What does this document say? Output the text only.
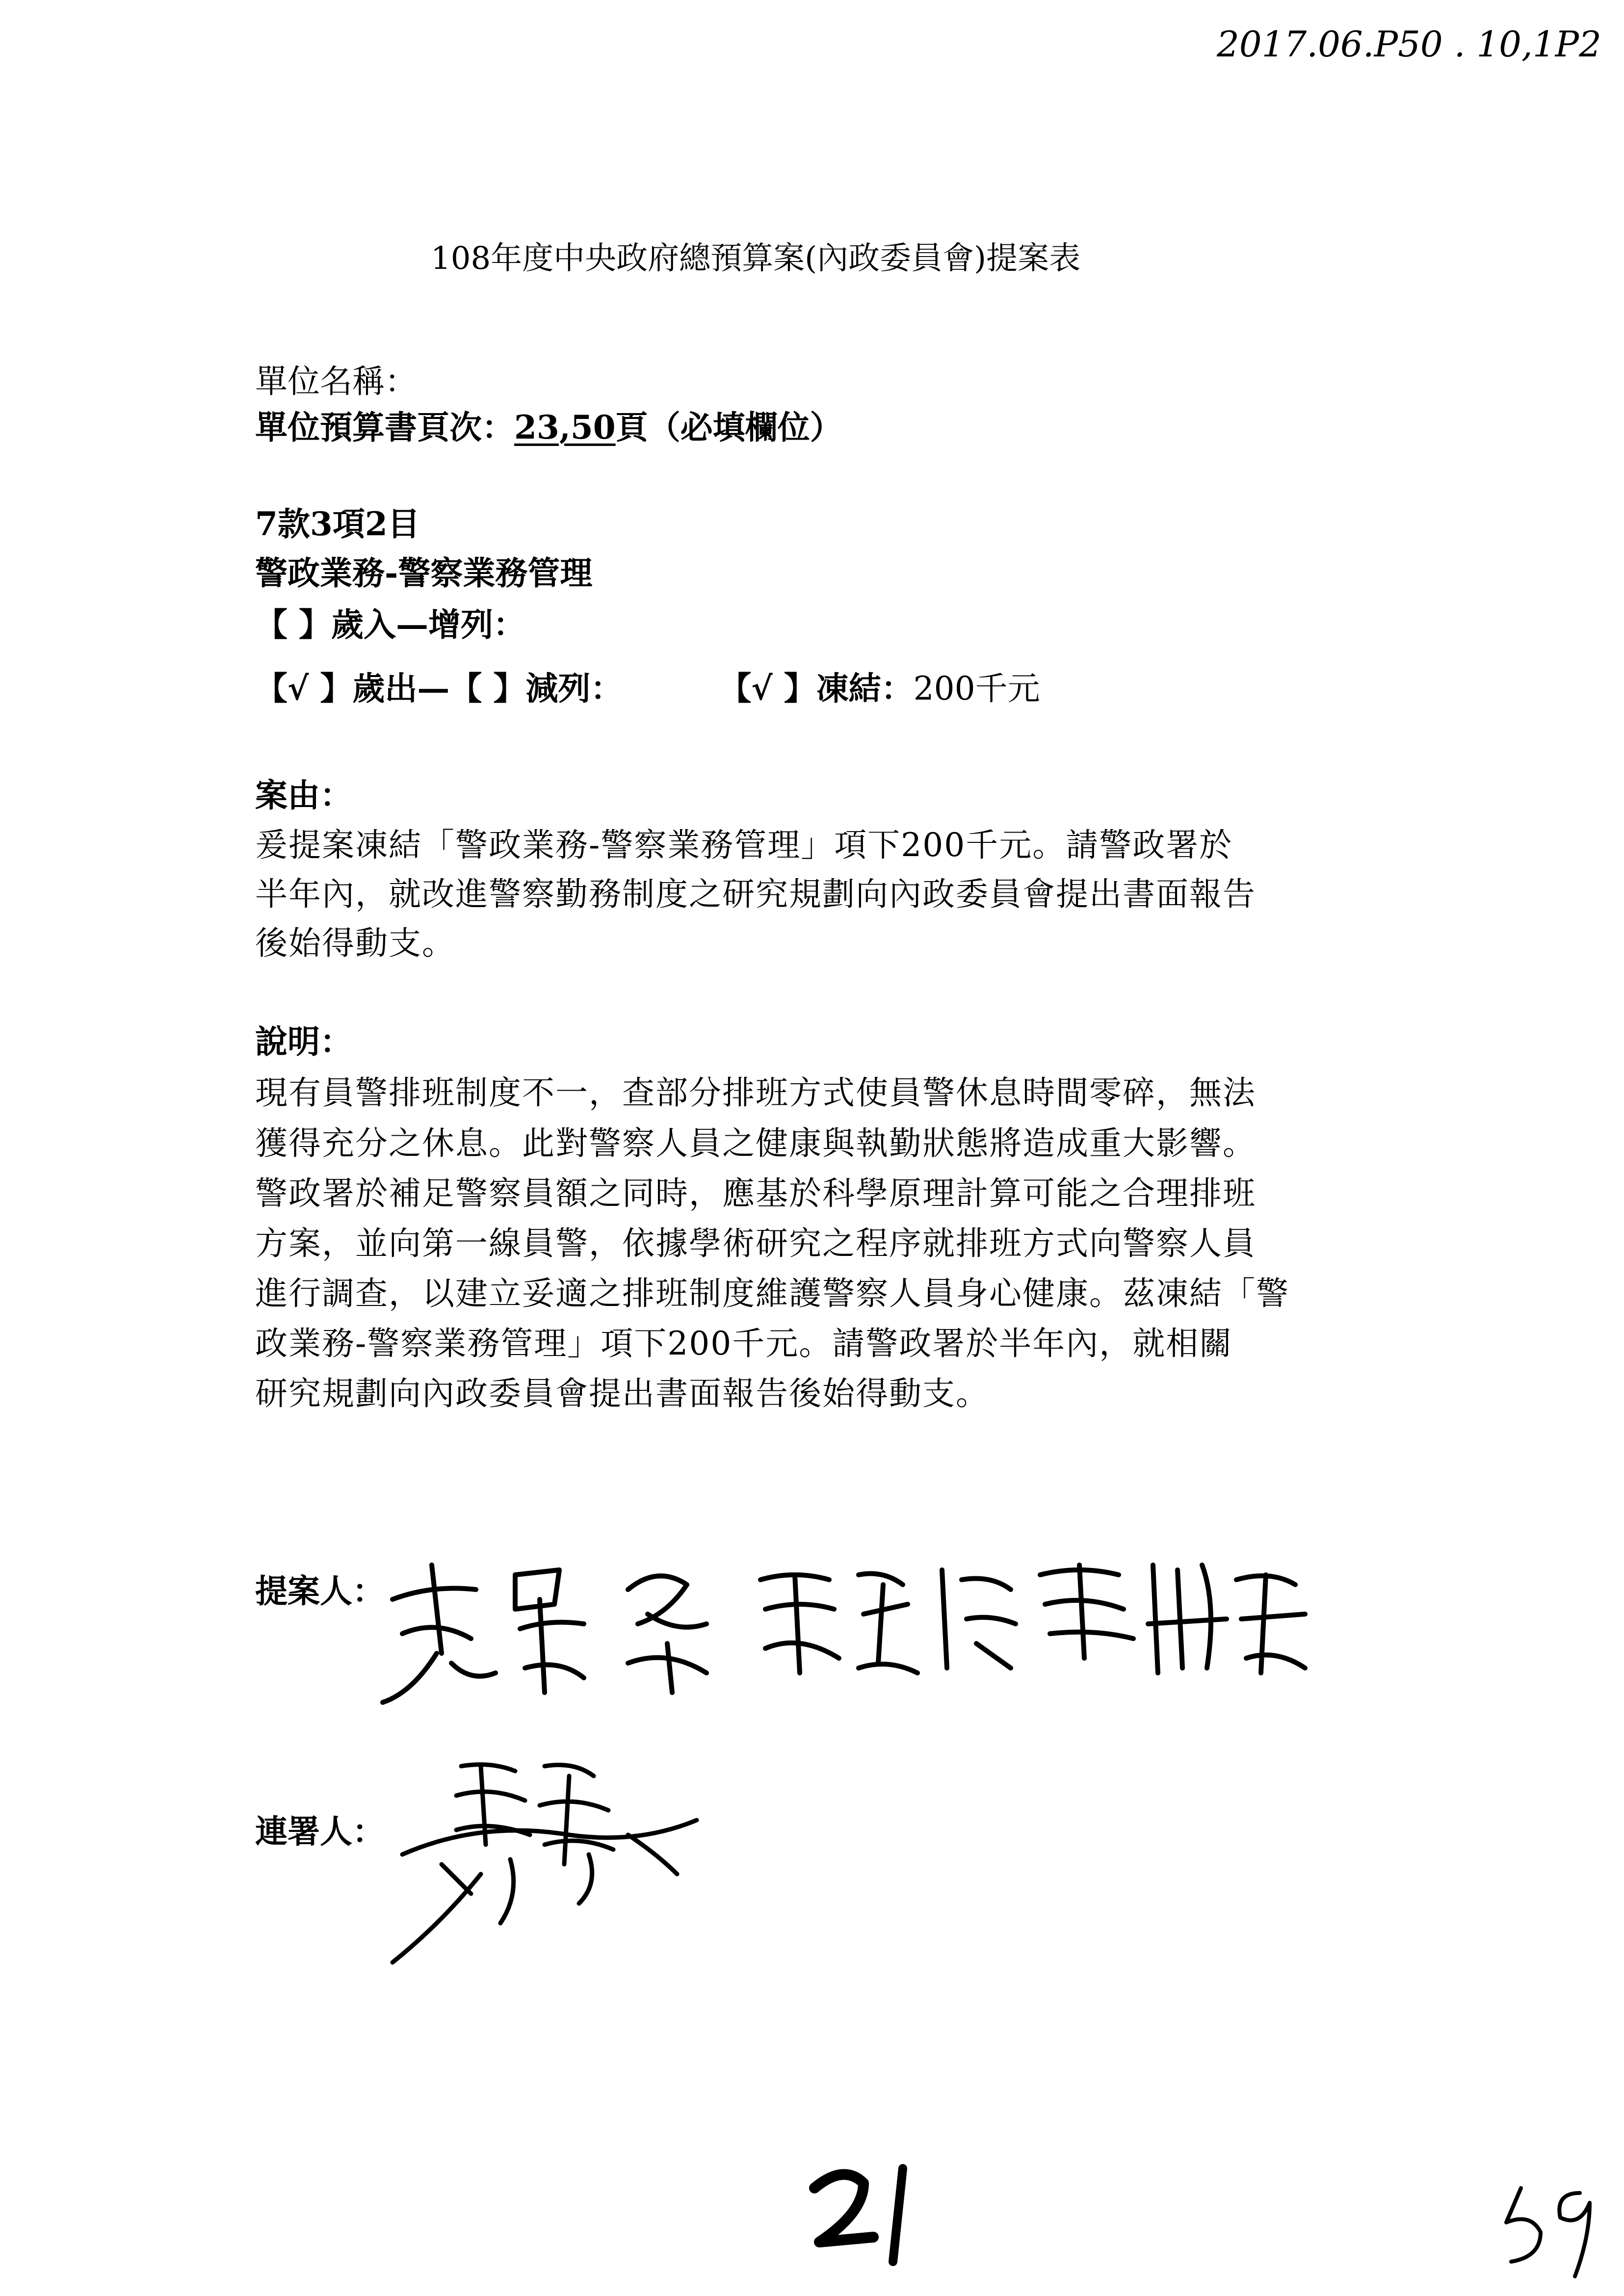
2017.06.P50 . 10,1P2
108年度中央政府總預算案(內政委員會)提案表
單位名稱：
單位預算書頁次：23,50頁（必填欄位）
7款3項2目
警政業務-警察業務管理
【 】歲入—增列：
【√ 】歲出—【 】減列：	【√ 】凍結：200千元
案由：
爰提案凍結「警政業務-警察業務管理」項下200千元。請警政署於
半年內，就改進警察勤務制度之研究規劃向內政委員會提出書面報告
後始得動支。
說明：
現有員警排班制度不一，查部分排班方式使員警休息時間零碎，無法
獲得充分之休息。此對警察人員之健康與執勤狀態將造成重大影響。
警政署於補足警察員額之同時，應基於科學原理計算可能之合理排班
方案，並向第一線員警，依據學術研究之程序就排班方式向警察人員
進行調查，以建立妥適之排班制度維護警察人員身心健康。茲凍結「警
政業務-警察業務管理」項下200千元。請警政署於半年內，就相關
研究規劃向內政委員會提出書面報告後始得動支。
提案人：
連署人：
21
59
